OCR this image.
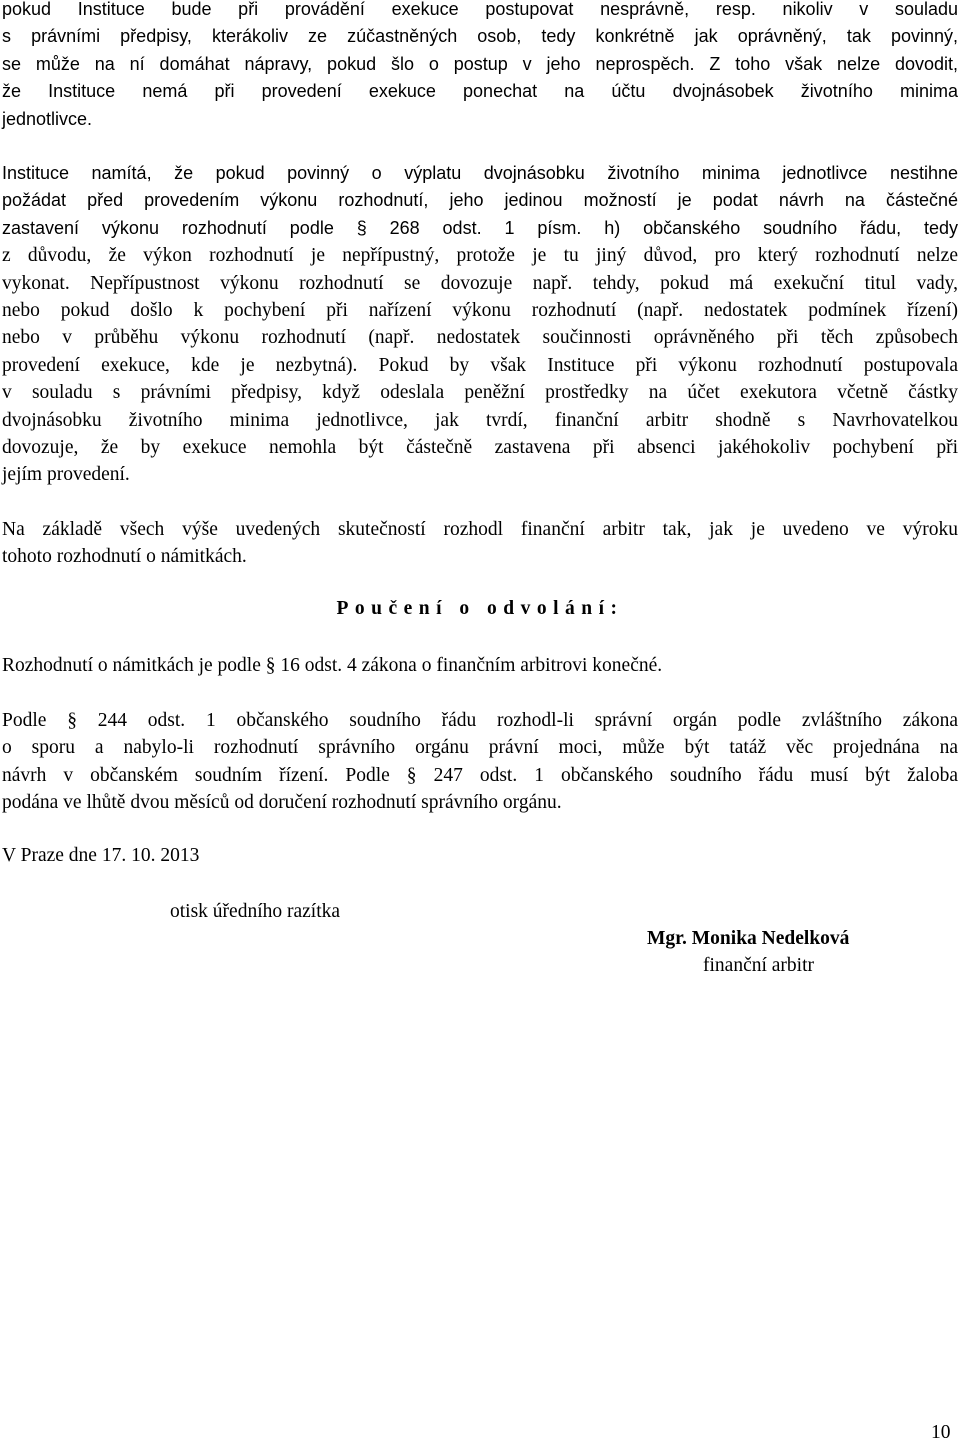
pokud Instituce bude při provádění exekuce postupovat nesprávně, resp. nikoliv v souladu
s právními předpisy, kterákoliv ze zúčastněných osob, tedy konkrétně jak oprávněný, tak povinný,
se může na ní domáhat nápravy, pokud šlo o postup v jeho neprospěch. Z toho však nelze dovodit,
že Instituce nemá při provedení exekuce ponechat na účtu dvojnásobek životního minima
jednotlivce.
Instituce namítá, že pokud povinný o výplatu dvojnásobku životního minima jednotlivce nestihne
požádat před provedením výkonu rozhodnutí, jeho jedinou možností je podat návrh na částečné
zastavení výkonu rozhodnutí podle § 268 odst. 1 písm. h) občanského soudního řádu, tedy
z důvodu, že výkon rozhodnutí je nepřípustný, protože je tu jiný důvod, pro který rozhodnutí nelze
vykonat. Nepřípustnost výkonu rozhodnutí se dovozuje např. tehdy, pokud má exekuční titul vady,
nebo pokud došlo k pochybení při nařízení výkonu rozhodnutí (např. nedostatek podmínek řízení)
nebo v průběhu výkonu rozhodnutí (např. nedostatek součinnosti oprávněného při těch způsobech
provedení exekuce, kde je nezbytná). Pokud by však Instituce při výkonu rozhodnutí postupovala
v souladu s právními předpisy, když odeslala peněžní prostředky na účet exekutora včetně částky
dvojnásobku životního minima jednotlivce, jak tvrdí, finanční arbitr shodně s Navrhovatelkou
dovozuje, že by exekuce nemohla být částečně zastavena při absenci jakéhokoliv pochybení při
jejím provedení.
Na základě všech výše uvedených skutečností rozhodl finanční arbitr tak, jak je uvedeno ve výroku
tohoto rozhodnutí o námitkách.
Poučení o odvolání:
Rozhodnutí o námitkách je podle § 16 odst. 4 zákona o finančním arbitrovi konečné.
Podle § 244 odst. 1 občanského soudního řádu rozhodl-li správní orgán podle zvláštního zákona
o sporu a nabylo-li rozhodnutí správního orgánu právní moci, může být tatáž věc projednána na
návrh v občanském soudním řízení. Podle § 247 odst. 1 občanského soudního řádu musí být žaloba
podána ve lhůtě dvou měsíců od doručení rozhodnutí správního orgánu.
V Praze dne 17. 10. 2013
otisk úředního razítka
Mgr. Monika Nedelková
finanční arbitr
10
